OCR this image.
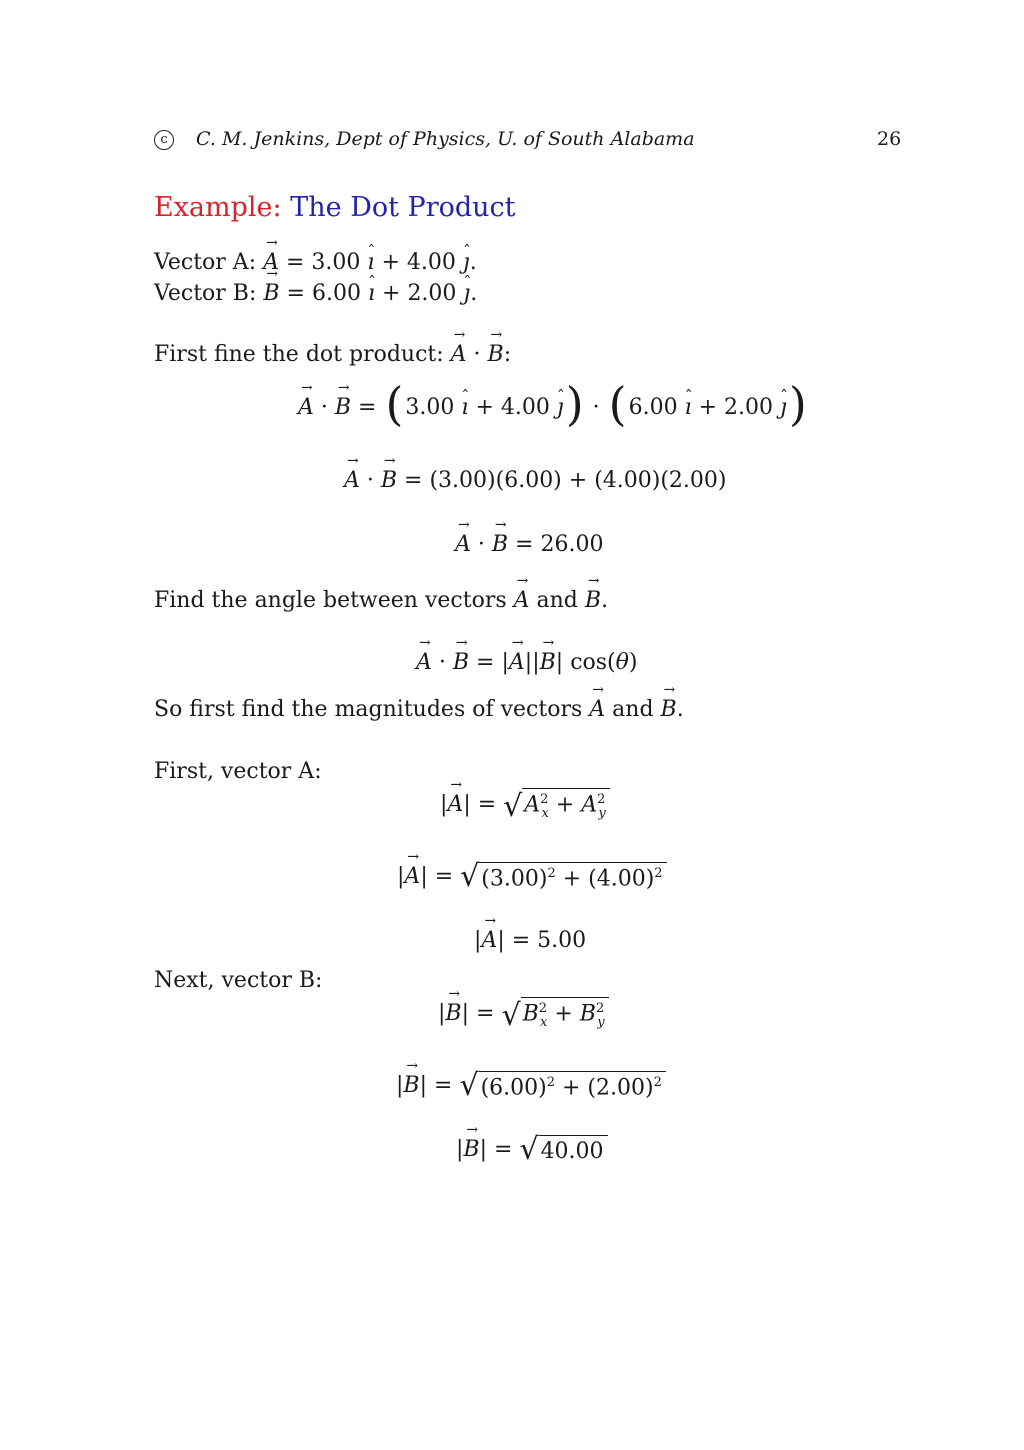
c	C. M. Jenkins, Dept of Physics, U. of South Alabama	26
Example: The Dot Product
Vector A: → A = 3.00 ˆ ı + 4.00 ˆ ȷ.
Vector B: → B = 6.00 ˆ ı + 2.00 ˆ ȷ.
First fine the dot product: → A · → B:
→ A · → B = ( 3.00
ˆ ı + 4.00
ˆ ȷ ) · ( 6.00
ˆ ı + 2.00
ˆ ȷ )
→ A · → B = (3.00)(6.00) + (4.00)(2.00)
→ A · → B = 26.00
Find the angle between vectors → A and → B.
→ A · → B = | → A || → B | cos( θ )
So first find the magnitudes of vectors → A and → B.
First, vector A:
| → A | = √ $A^2_x + A^2_y$
| → A | = √ $(3.00)^2 + (4.00)^2$
| → A | = 5.00
Next, vector B:
| → B | = √ $B^2_x + B^2_y$
| → B | = √ $(6.00)^2 + (2.00)^2$
| → B | = √ 40.00
